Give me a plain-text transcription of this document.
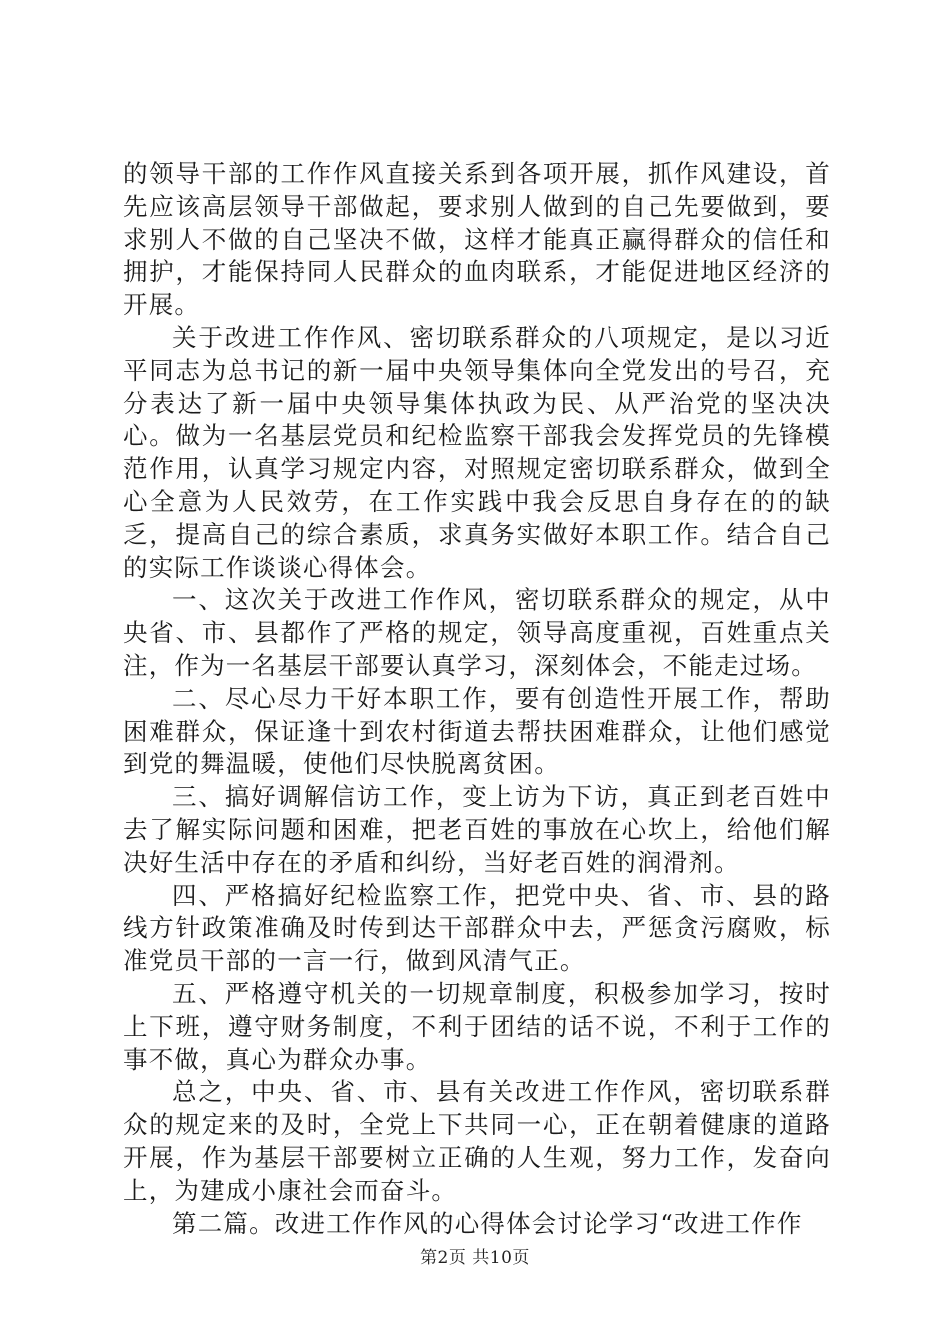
的领导干部的工作作风直接关系到各项开展，抓作风建设，首先应该高层领导干部做起，要求别人做到的自己先要做到，要求别人不做的自己坚决不做，这样才能真正赢得群众的信任和拥护，才能保持同人民群众的血肉联系，才能促进地区经济的开展。

关于改进工作作风、密切联系群众的八项规定，是以习近平同志为总书记的新一届中央领导集体向全党发出的号召，充分表达了新一届中央领导集体执政为民、从严治党的坚决决心。做为一名基层党员和纪检监察干部我会发挥党员的先锋模范作用，认真学习规定内容，对照规定密切联系群众，做到全心全意为人民效劳，在工作实践中我会反思自身存在的的缺乏，提高自己的综合素质，求真务实做好本职工作。结合自己的实际工作谈谈心得体会。

一、这次关于改进工作作风，密切联系群众的规定，从中央省、市、县都作了严格的规定，领导高度重视，百姓重点关注，作为一名基层干部要认真学习，深刻体会，不能走过场。

二、尽心尽力干好本职工作，要有创造性开展工作，帮助困难群众，保证逢十到农村街道去帮扶困难群众，让他们感觉到党的舞温暖，使他们尽快脱离贫困。

三、搞好调解信访工作，变上访为下访，真正到老百姓中去了解实际问题和困难，把老百姓的事放在心坎上，给他们解决好生活中存在的矛盾和纠纷，当好老百姓的润滑剂。

四、严格搞好纪检监察工作，把党中央、省、市、县的路线方针政策准确及时传到达干部群众中去，严惩贪污腐败，标准党员干部的一言一行，做到风清气正。

五、严格遵守机关的一切规章制度，积极参加学习，按时上下班，遵守财务制度，不利于团结的话不说，不利于工作的事不做，真心为群众办事。

总之，中央、省、市、县有关改进工作作风，密切联系群众的规定来的及时，全党上下共同一心，正在朝着健康的道路开展，作为基层干部要树立正确的人生观，努力工作，发奋向上，为建成小康社会而奋斗。

第二篇。改进工作作风的心得体会讨论学习“改进工作作

第2页 共10页
